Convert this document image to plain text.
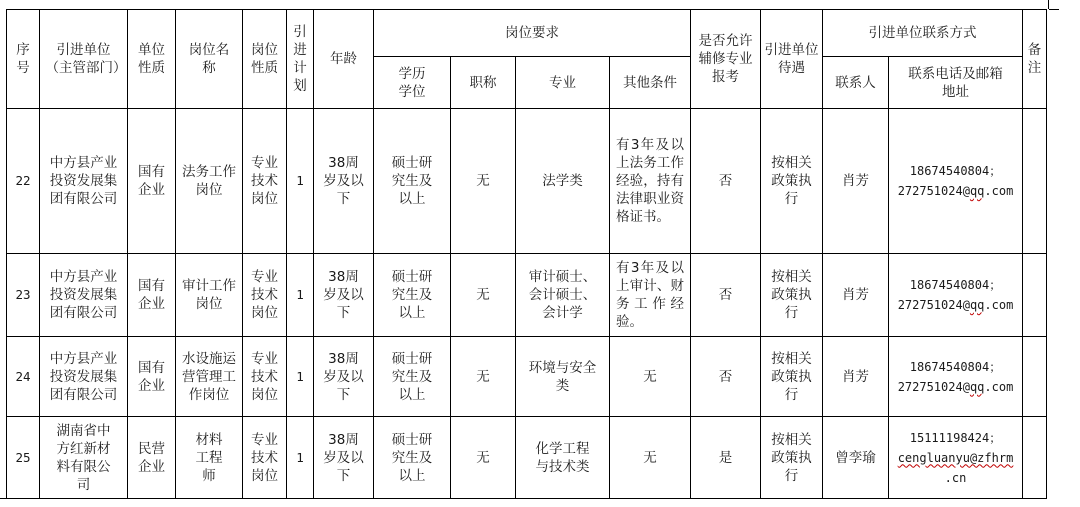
序号	引进单位（主管部门）	单位性质	岗位名称	岗位性质	引进计划	年龄	岗位要求				是否允许辅修专业报考	引进单位待遇	引进单位联系方式		备注

							学历学位	职称	专业	其他条件			联系人	联系电话及邮箱地址	

22	中方县产业投资发展集团有限公司	国有企业	法务工作岗位	专业技术岗位	1	38周岁及以下	硕士研究生及以上	无	法学类	有3年及以上法务工作经验，持有法律职业资格证书。	否	按相关政策执行	肖芳	18674540804；
272751024@qq.com	

23	中方县产业投资发展集团有限公司	国有企业	审计工作岗位	专业技术岗位	1	38周岁及以下	硕士研究生及以上	无	审计硕士、会计硕士、会计学	有3年及以上审计、财务工作经验。	否	按相关政策执行	肖芳	18674540804；
272751024@qq.com	

24	中方县产业投资发展集团有限公司	国有企业	水设施运营管理工作岗位	专业技术岗位	1	38周岁及以下	硕士研究生及以上	无	环境与安全类	无	否	按相关政策执行	肖芳	18674540804；
272751024@qq.com	

25	湖南省中方红新材料有限公司	民营企业	材料工程师	专业技术岗位	1	38周岁及以下	硕士研究生及以上	无	化学工程与技术类	无	是	按相关政策执行	曾孪瑜	15111198424；
cengluanyu@zfhrm
.cn	
